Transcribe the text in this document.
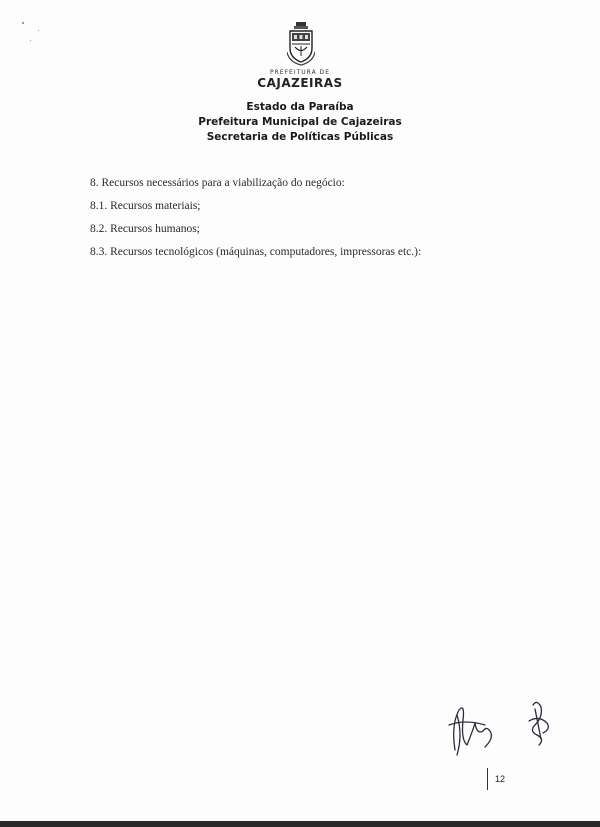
PREFEITURA DE
CAJAZEIRAS
Estado da Paraíba
Prefeitura Municipal de Cajazeiras
Secretaria de Políticas Públicas

8. Recursos necessários para a viabilização do negócio:

8.1. Recursos materiais;

8.2. Recursos humanos;

8.3. Recursos tecnológicos (máquinas, computadores, impressoras etc.):

12
